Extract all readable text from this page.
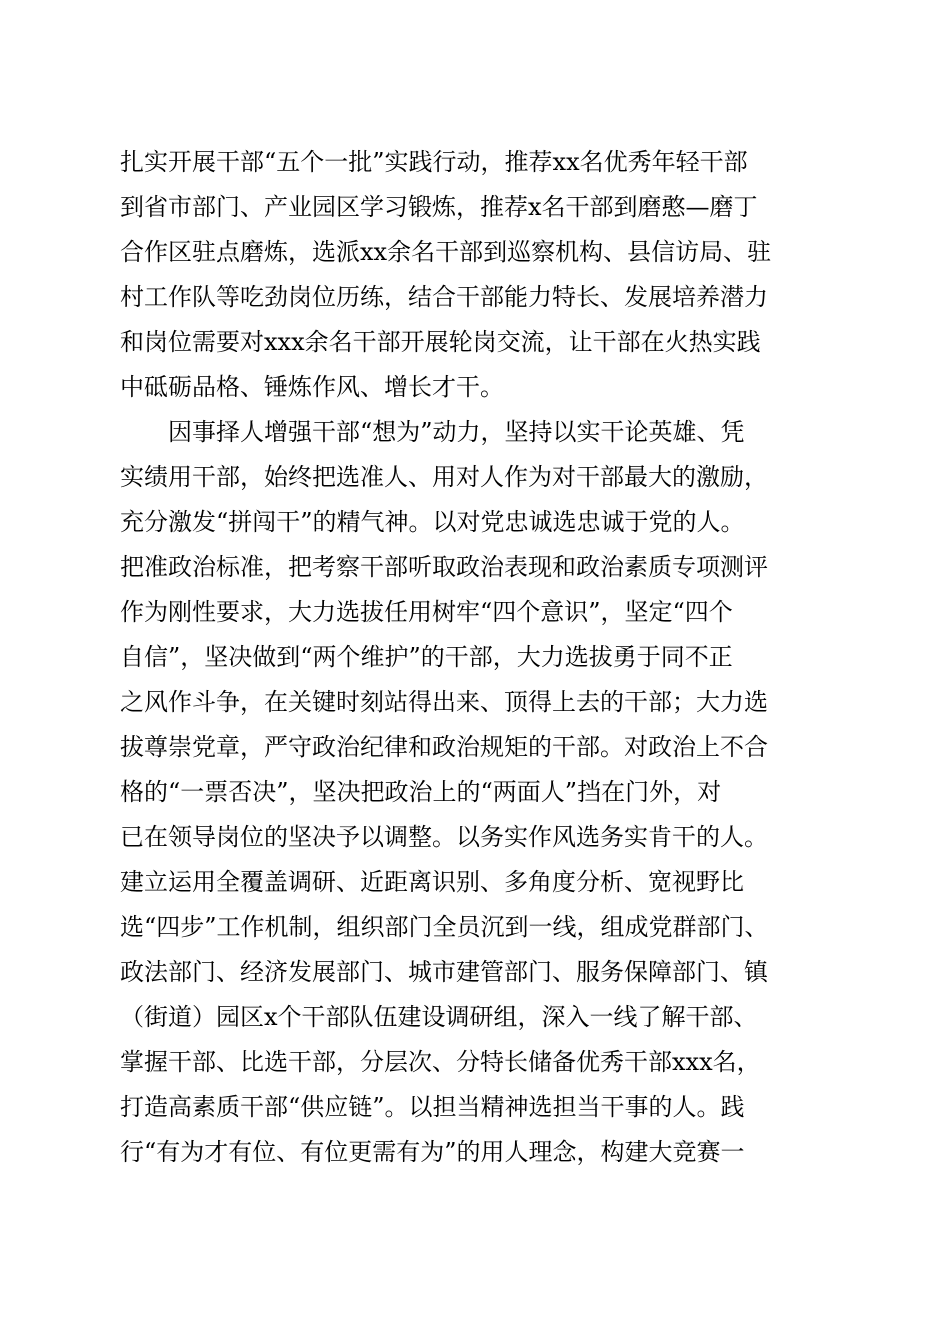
扎实开展干部“五个一批”实践行动，推荐xx名优秀年轻干部
到省市部门、产业园区学习锻炼，推荐x名干部到磨憨—磨丁
合作区驻点磨炼，选派xx余名干部到巡察机构、县信访局、驻
村工作队等吃劲岗位历练，结合干部能力特长、发展培养潜力
和岗位需要对xxx余名干部开展轮岗交流，让干部在火热实践
中砥砺品格、锤炼作风、增长才干。
因事择人增强干部“想为”动力，坚持以实干论英雄、凭
实绩用干部，始终把选准人、用对人作为对干部最大的激励，
充分激发“拼闯干”的精气神。以对党忠诚选忠诚于党的人。
把准政治标准，把考察干部听取政治表现和政治素质专项测评
作为刚性要求，大力选拔任用树牢“四个意识”，坚定“四个
自信”，坚决做到“两个维护”的干部，大力选拔勇于同不正
之风作斗争，在关键时刻站得出来、顶得上去的干部；大力选
拔尊崇党章，严守政治纪律和政治规矩的干部。对政治上不合
格的“一票否决”，坚决把政治上的“两面人”挡在门外，对
已在领导岗位的坚决予以调整。以务实作风选务实肯干的人。
建立运用全覆盖调研、近距离识别、多角度分析、宽视野比
选“四步”工作机制，组织部门全员沉到一线，组成党群部门、
政法部门、经济发展部门、城市建管部门、服务保障部门、镇
（街道）园区x个干部队伍建设调研组，深入一线了解干部、
掌握干部、比选干部，分层次、分特长储备优秀干部xxx名，
打造高素质干部“供应链”。以担当精神选担当干事的人。践
行“有为才有位、有位更需有为”的用人理念，构建大竞赛一
